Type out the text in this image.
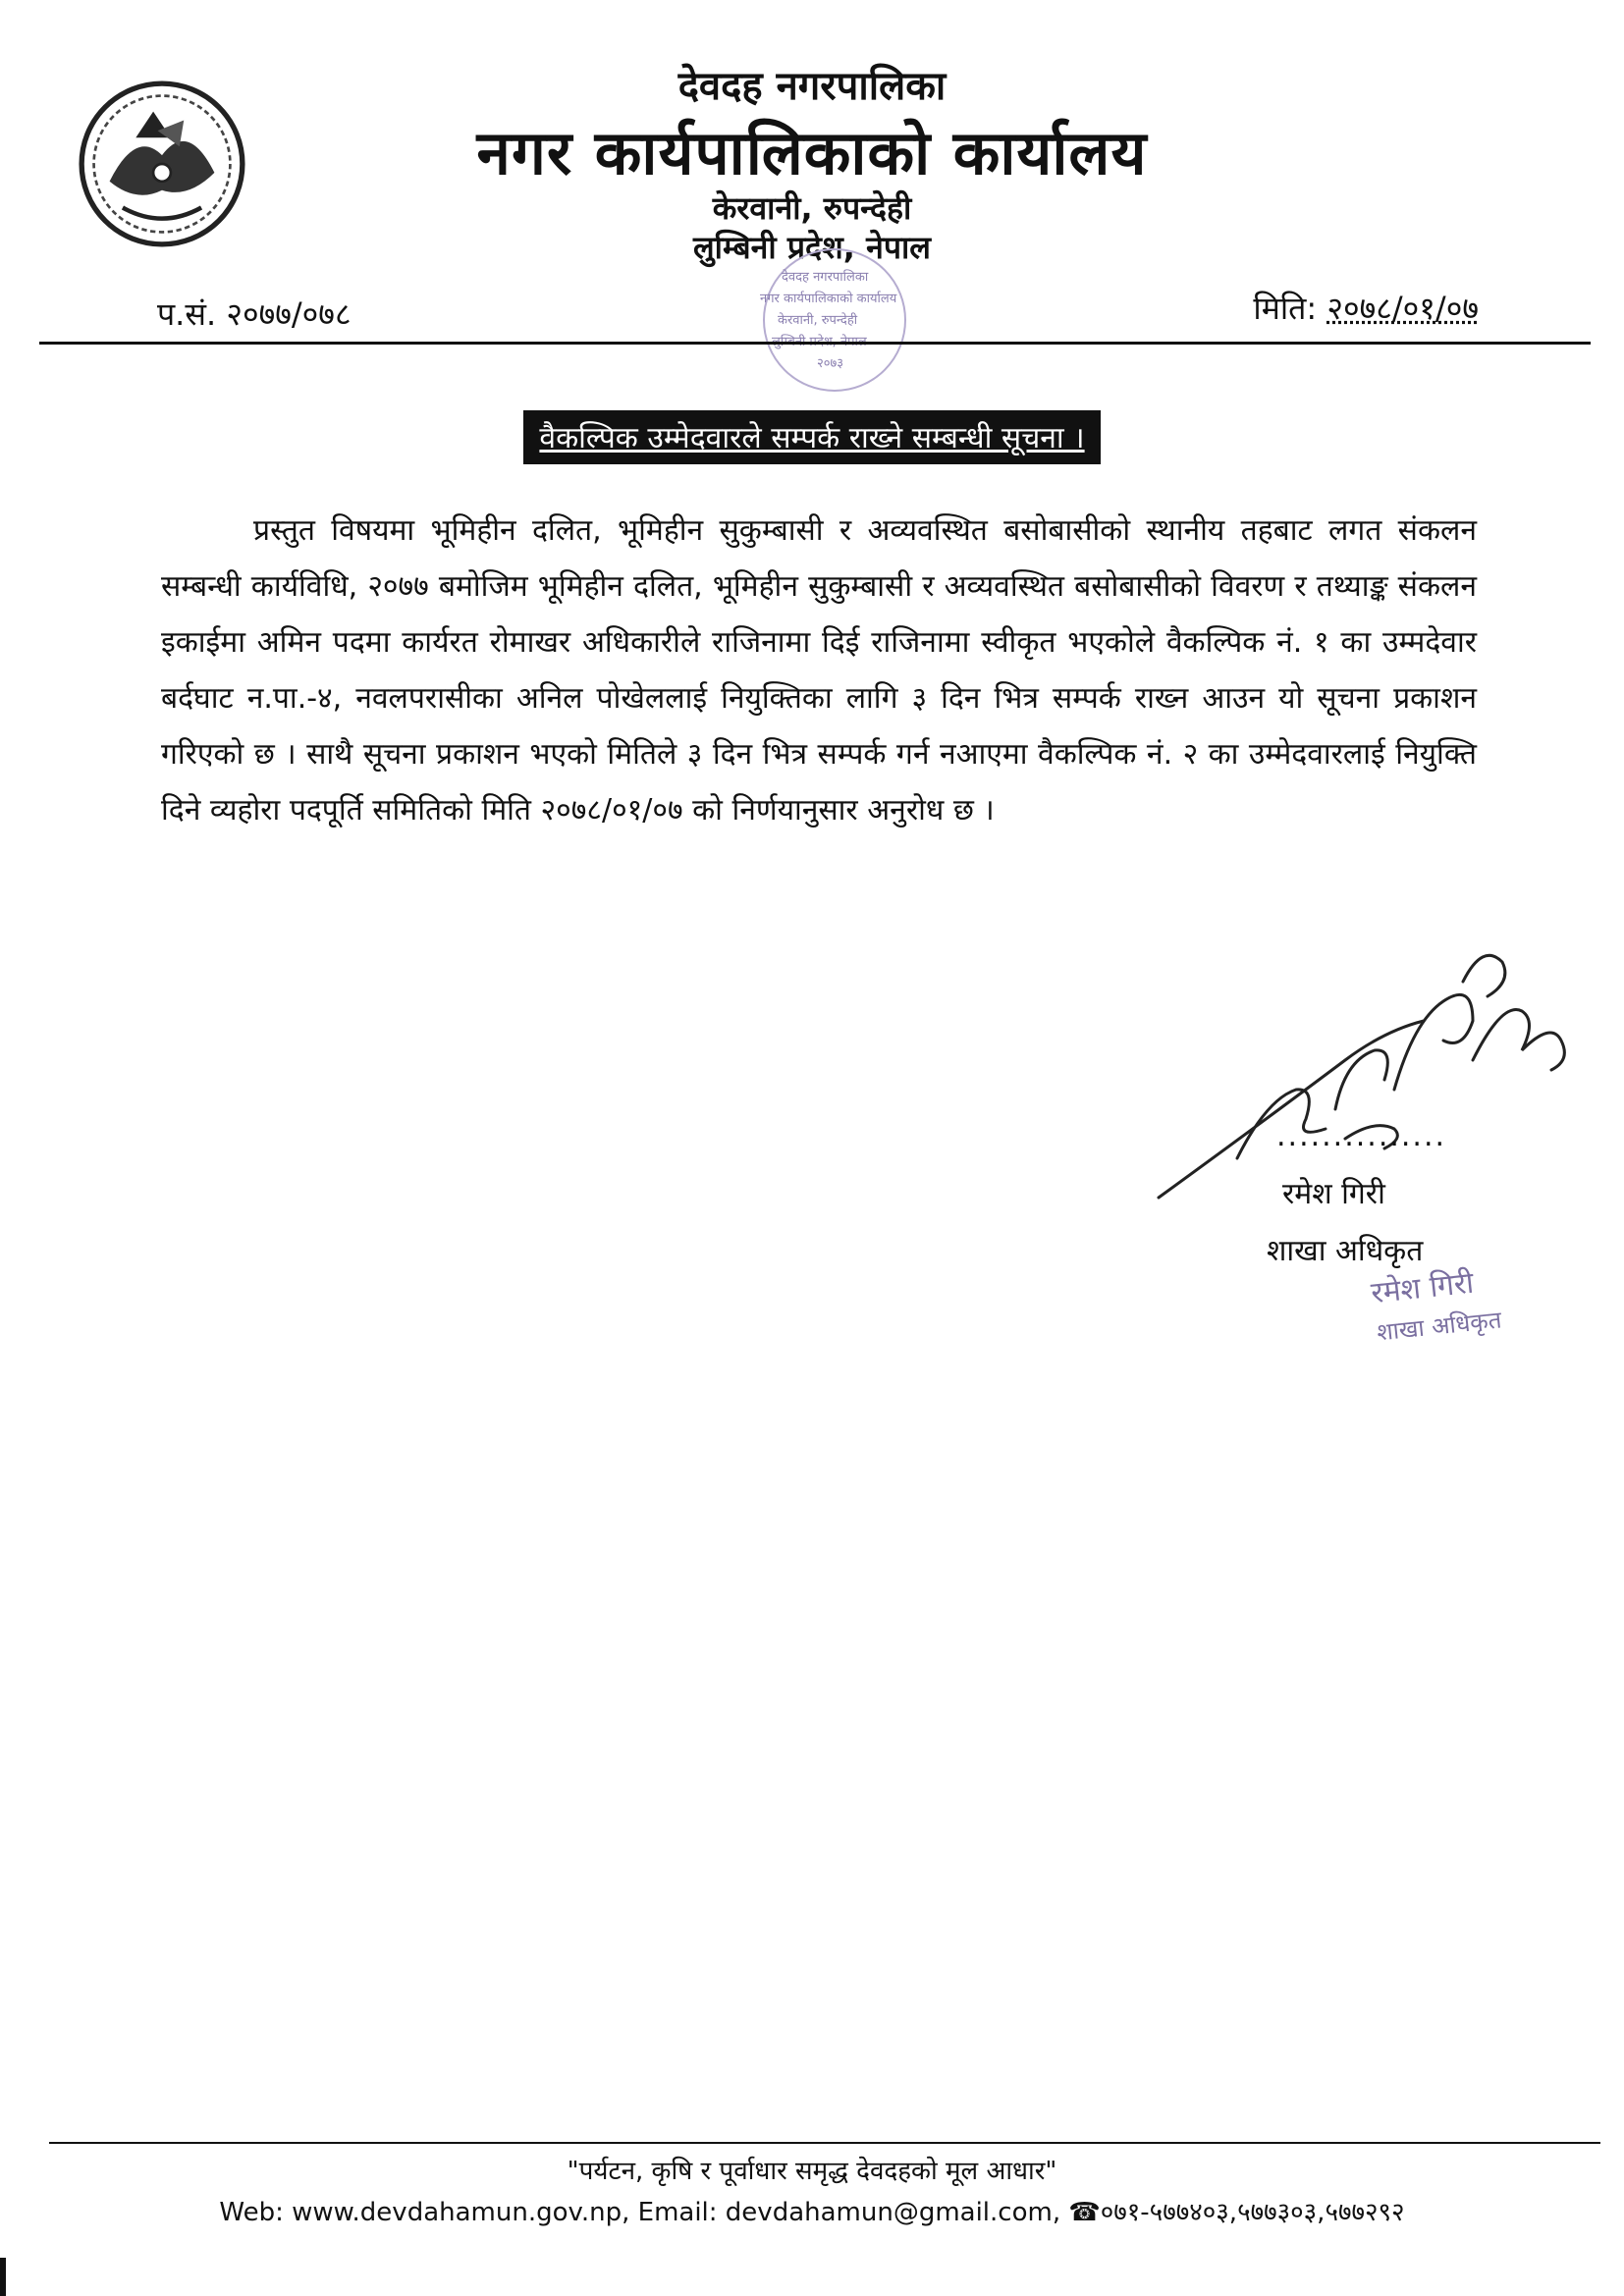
देवदह नगरपालिका
नगर कार्यपालिकाको कार्यालय
केरवानी, रुपन्देही
लुम्बिनी प्रदेश, नेपाल
प.सं. २०७७/०७८	मिति: २०७८/०१/०७
देवदह नगरपालिका
नगर कार्यपालिकाको कार्यालय
केरवानी, रुपन्देही
२०७३
वैकल्पिक उम्मेदवारले सम्पर्क राख्ने सम्बन्धी सूचना ।
प्रस्तुत विषयमा भूमिहीन दलित, भूमिहीन सुकुम्बासी र अव्यवस्थित बसोबासीको स्थानीय तहबाट लगत संकलन सम्बन्धी कार्यविधि, २०७७ बमोजिम भूमिहीन दलित, भूमिहीन सुकुम्बासी र अव्यवस्थित बसोबासीको विवरण र तथ्याङ्क संकलन इकाईमा अमिन पदमा कार्यरत रोमाखर अधिकारीले राजिनामा दिई राजिनामा स्वीकृत भएकोले वैकल्पिक नं. १ का उम्मदेवार बर्दघाट न.पा.-४, नवलपरासीका अनिल पोखेललाई नियुक्तिका लागि ३ दिन भित्र सम्पर्क राख्न आउन यो सूचना प्रकाशन गरिएको छ । साथै सूचना प्रकाशन भएको मितिले ३ दिन भित्र सम्पर्क गर्न नआएमा वैकल्पिक नं. २ का उम्मेदवारलाई नियुक्ति दिने व्यहोरा पदपूर्ति समितिको मिति २०७८/०१/०७ को निर्णयानुसार अनुरोध छ ।
...............
रमेश गिरी
शाखा अधिकृत
रमेश गिरी
शाखा अधिकृत
"पर्यटन, कृषि र पूर्वाधार समृद्ध देवदहको मूल आधार"
Web: www.devdahamun.gov.np, Email: devdahamun@gmail.com, ☎०७१-५७७४०३,५७७३०३,५७७२९२
